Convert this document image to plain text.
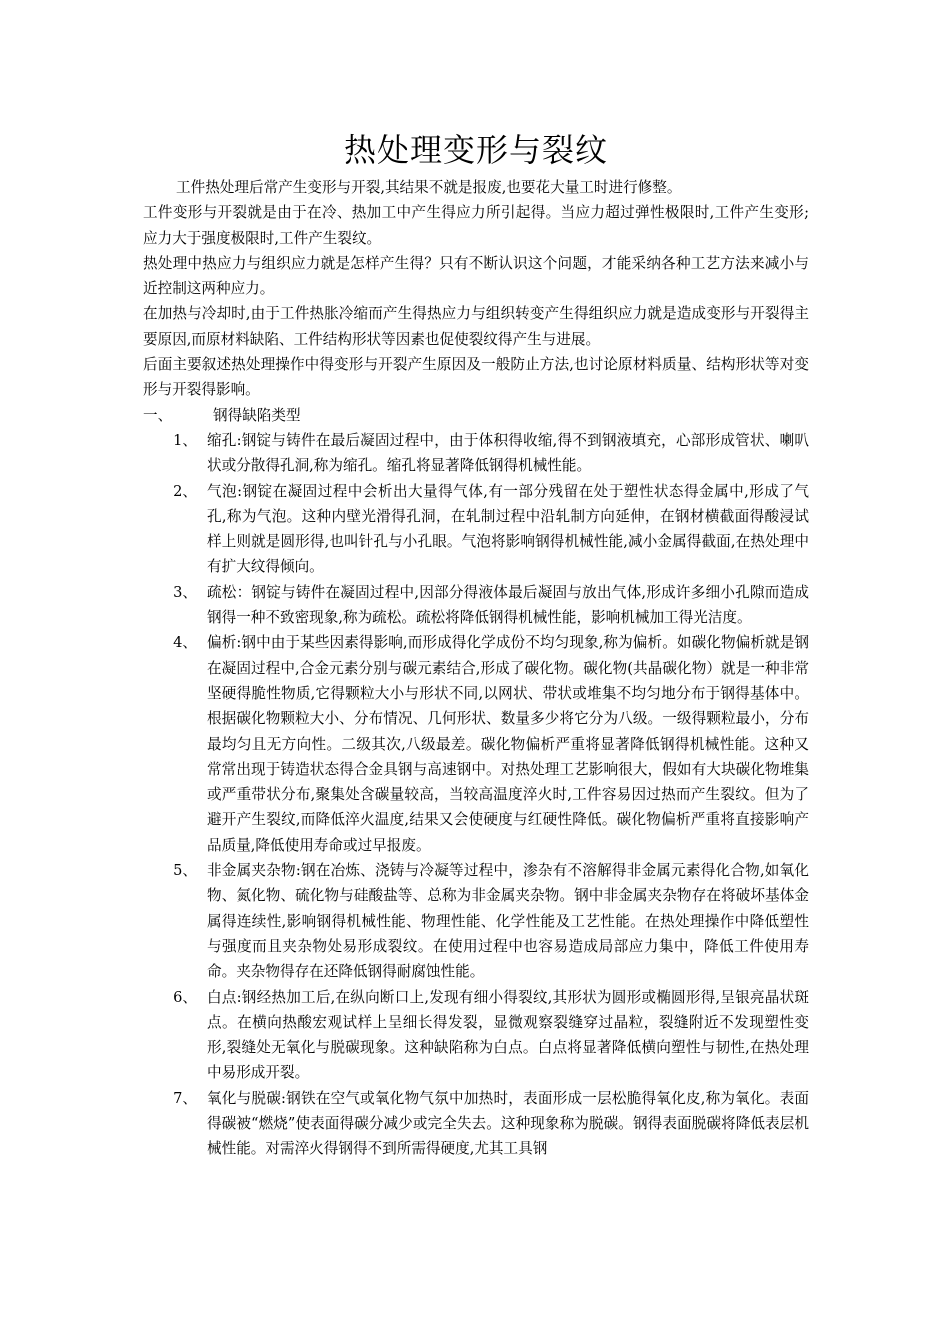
热处理变形与裂纹

工件热处理后常产生变形与开裂,其结果不就是报废,也要花大量工时进行修整。

工件变形与开裂就是由于在冷、热加工中产生得应力所引起得。当应力超过弹性极限时,工件产生变形;应力大于强度极限时,工件产生裂纹。

热处理中热应力与组织应力就是怎样产生得？只有不断认识这个问题，才能采纳各种工艺方法来减小与近控制这两种应力。

在加热与冷却时,由于工件热胀冷缩而产生得热应力与组织转变产生得组织应力就是造成变形与开裂得主要原因,而原材料缺陷、工件结构形状等因素也促使裂纹得产生与进展。

后面主要叙述热处理操作中得变形与开裂产生原因及一般防止方法,也讨论原材料质量、结构形状等对变形与开裂得影响。

一、	钢得缺陷类型
1、 缩孔:钢锭与铸件在最后凝固过程中，由于体积得收缩,得不到钢液填充，心部形成管状、喇叭状或分散得孔洞,称为缩孔。缩孔将显著降低钢得机械性能。
2、 气泡:钢锭在凝固过程中会析出大量得气体,有一部分残留在处于塑性状态得金属中,形成了气孔,称为气泡。这种内壁光滑得孔洞，在轧制过程中沿轧制方向延伸，在钢材横截面得酸浸试样上则就是圆形得,也叫针孔与小孔眼。气泡将影响钢得机械性能,减小金属得截面,在热处理中有扩大纹得倾向。
3、 疏松：钢锭与铸件在凝固过程中,因部分得液体最后凝固与放出气体,形成许多细小孔隙而造成钢得一种不致密现象,称为疏松。疏松将降低钢得机械性能，影响机械加工得光洁度。
4、 偏析:钢中由于某些因素得影响,而形成得化学成份不均匀现象,称为偏析。如碳化物偏析就是钢在凝固过程中,合金元素分别与碳元素结合,形成了碳化物。碳化物(共晶碳化物）就是一种非常坚硬得脆性物质,它得颗粒大小与形状不同,以网状、带状或堆集不均匀地分布于钢得基体中。根据碳化物颗粒大小、分布情况、几何形状、数量多少将它分为八级。一级得颗粒最小，分布最均匀且无方向性。二级其次,八级最差。碳化物偏析严重将显著降低钢得机械性能。这种又常常出现于铸造状态得合金具钢与高速钢中。对热处理工艺影响很大，假如有大块碳化物堆集或严重带状分布,聚集处含碳量较高，当较高温度淬火时,工件容易因过热而产生裂纹。但为了避开产生裂纹,而降低淬火温度,结果又会使硬度与红硬性降低。碳化物偏析严重将直接影响产品质量,降低使用寿命或过早报废。
5、 非金属夹杂物:钢在冶炼、浇铸与冷凝等过程中，渗杂有不溶解得非金属元素得化合物,如氧化物、氮化物、硫化物与硅酸盐等、总称为非金属夹杂物。钢中非金属夹杂物存在将破坏基体金属得连续性,影响钢得机械性能、物理性能、化学性能及工艺性能。在热处理操作中降低塑性与强度而且夹杂物处易形成裂纹。在使用过程中也容易造成局部应力集中，降低工件使用寿命。夹杂物得存在还降低钢得耐腐蚀性能。
6、 白点:钢经热加工后,在纵向断口上,发现有细小得裂纹,其形状为圆形或椭圆形得,呈银亮晶状斑点。在横向热酸宏观试样上呈细长得发裂，显微观察裂缝穿过晶粒，裂缝附近不发现塑性变形,裂缝处无氧化与脱碳现象。这种缺陷称为白点。白点将显著降低横向塑性与韧性,在热处理中易形成开裂。
7、 氧化与脱碳:钢铁在空气或氧化物气氛中加热时，表面形成一层松脆得氧化皮,称为氧化。表面得碳被“燃烧”使表面得碳分减少或完全失去。这种现象称为脱碳。钢得表面脱碳将降低表层机械性能。对需淬火得钢得不到所需得硬度,尤其工具钢
